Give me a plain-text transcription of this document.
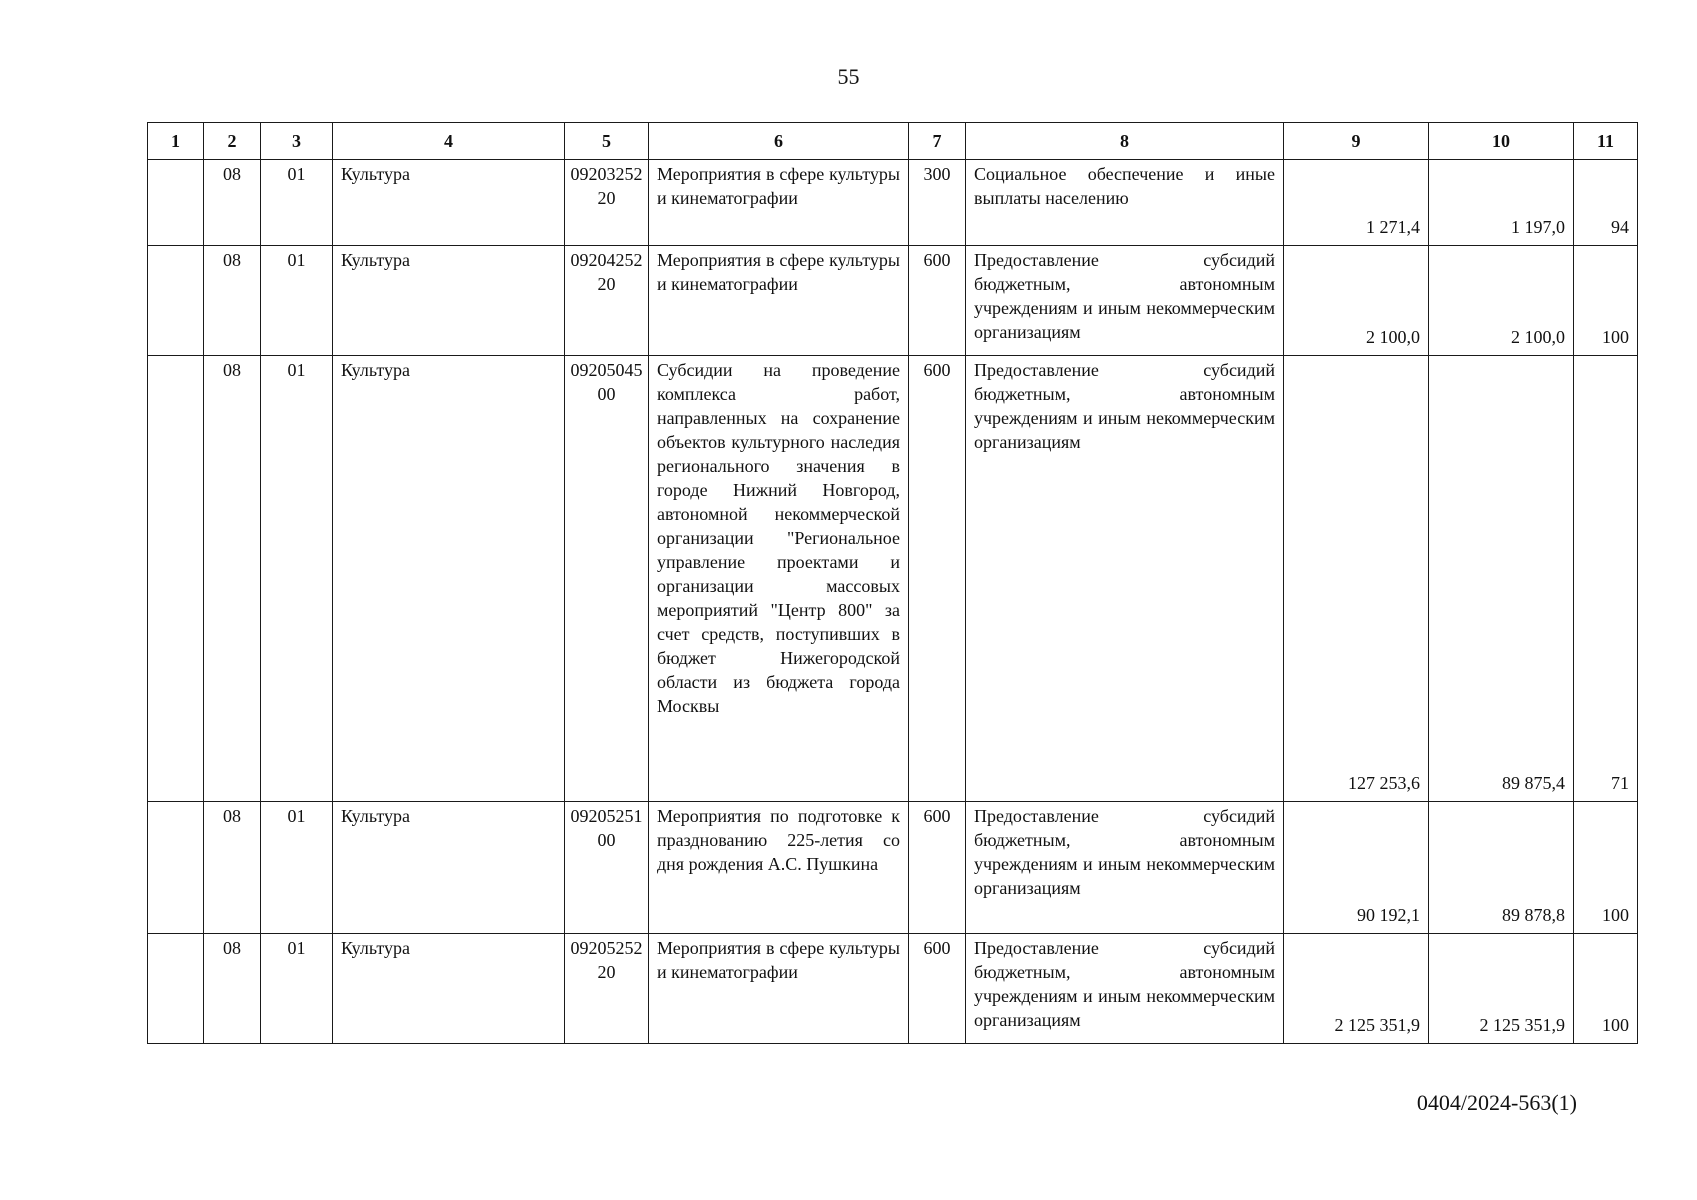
55
1	2	3	4	5	6	7	8	9	10	11
	08	01	Культура	0920325220	Мероприятия в сфере культуры и кинематографии	300	Социальное обеспечение и иные выплаты населению	1 271,4	1 197,0	94
	08	01	Культура	0920425220	Мероприятия в сфере культуры и кинематографии	600	Предоставление субсидий бюджетным, автономным учреждениям и иным некоммерческим организациям	2 100,0	2 100,0	100
	08	01	Культура	0920504500	Субсидии на проведение комплекса работ, направленных на сохранение объектов культурного наследия регионального значения в городе Нижний Новгород, автономной некоммерческой организации "Региональное управление проектами и организации массовых мероприятий "Центр 800" за счет средств, поступивших в бюджет Нижегородской области из бюджета города Москвы	600	Предоставление субсидий бюджетным, автономным учреждениям и иным некоммерческим организациям	127 253,6	89 875,4	71
	08	01	Культура	0920525100	Мероприятия по подготовке к празднованию 225-летия со дня рождения А.С. Пушкина	600	Предоставление субсидий бюджетным, автономным учреждениям и иным некоммерческим организациям	90 192,1	89 878,8	100
	08	01	Культура	0920525220	Мероприятия в сфере культуры и кинематографии	600	Предоставление субсидий бюджетным, автономным учреждениям и иным некоммерческим организациям	2 125 351,9	2 125 351,9	100
0404/2024-563(1)
